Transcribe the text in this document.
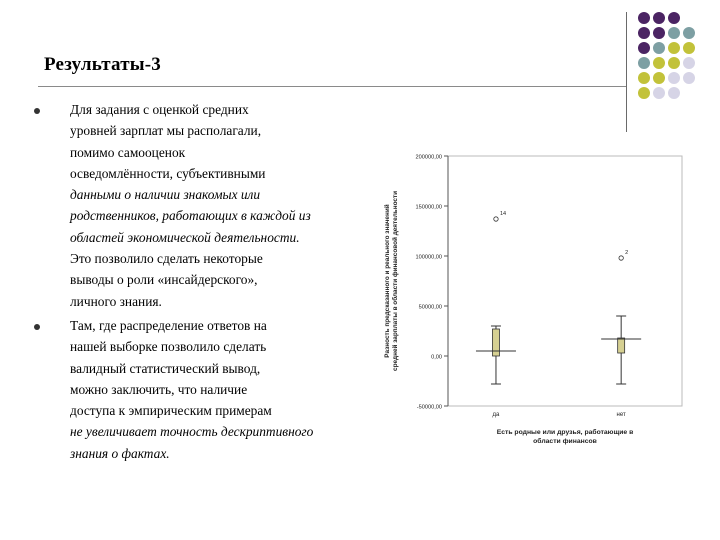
Результаты-3
Для задания с оценкой средних
уровней зарплат мы располагали,
помимо самооценок
осведомлённости, субъективными
данными о наличии знакомых или
родственников, работающих в каждой из
областей экономической деятельности.
Это позволило сделать некоторые
выводы о роли «инсайдерского»,
личного знания.
Там, где распределение ответов на
нашей выборке позволило сделать
валидный статистический вывод,
можно заключить, что наличие
доступа к эмпирическим примерам
не увеличивает точность дескриптивного
знания о фактах.
200000,00
150000,00
100000,00
50000,00
0,00
-50000,00
Разность предсказанного и реального значенийсредней зарплаты в области финансовой деятельности	14
да
2
нет
Есть родные или друзья, работающие в области финансов
